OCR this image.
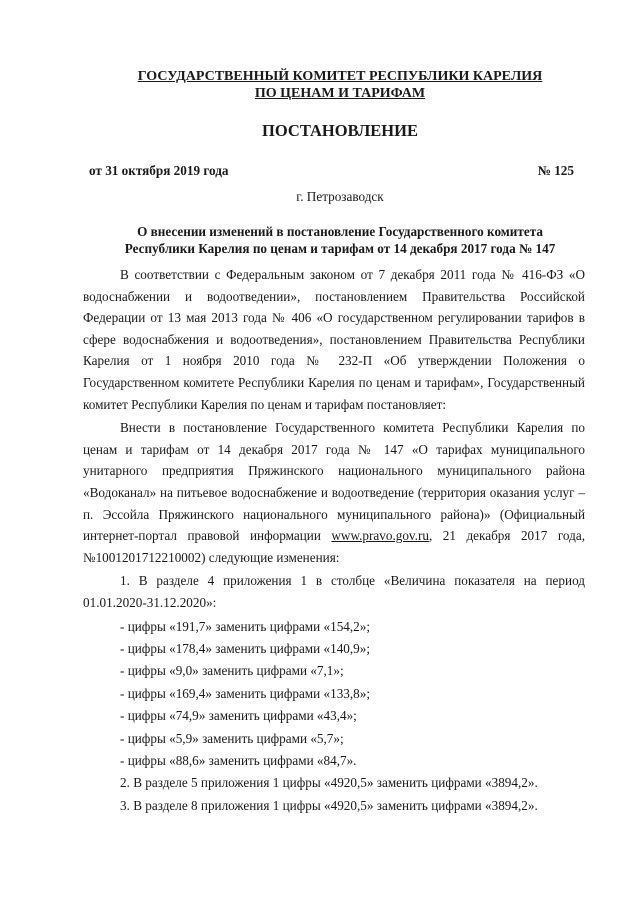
ГОСУДАРСТВЕННЫЙ КОМИТЕТ РЕСПУБЛИКИ КАРЕЛИЯ
ПО ЦЕНАМ И ТАРИФАМ
ПОСТАНОВЛЕНИЕ
от 31 октября 2019 года	№ 125
г. Петрозаводск
О внесении изменений в постановление Государственного комитета
Республики Карелия по ценам и тарифам от 14 декабря 2017 года № 147

В соответствии с Федеральным законом от 7 декабря 2011 года № 416-ФЗ «О водоснабжении и водоотведении», постановлением Правительства Российской Федерации от 13 мая 2013 года № 406 «О государственном регулировании тарифов в сфере водоснабжения и водоотведения», постановлением Правительства Республики Карелия от 1 ноября 2010 года № 232-П «Об утверждении Положения о Государственном комитете Республики Карелия по ценам и тарифам», Государственный комитет Республики Карелия по ценам и тарифам постановляет:

Внести в постановление Государственного комитета Республики Карелия по ценам и тарифам от 14 декабря 2017 года № 147 «О тарифах муниципального унитарного предприятия Пряжинского национального муниципального района «Водоканал» на питьевое водоснабжение и водоотведение (территория оказания услуг – п. Эссойла Пряжинского национального муниципального района)» (Официальный интернет-портал правовой информации www.pravo.gov.ru, 21 декабря 2017 года, №1001201712210002) следующие изменения:

1. В разделе 4 приложения 1 в столбце «Величина показателя на период 01.01.2020-31.12.2020»:

- цифры «191,7» заменить цифрами «154,2»;

- цифры «178,4» заменить цифрами «140,9»;

- цифры «9,0» заменить цифрами «7,1»;

- цифры «169,4» заменить цифрами «133,8»;

- цифры «74,9» заменить цифрами «43,4»;

- цифры «5,9» заменить цифрами «5,7»;

- цифры «88,6» заменить цифрами «84,7».

2. В разделе 5 приложения 1 цифры «4920,5» заменить цифрами «3894,2».

3. В разделе 8 приложения 1 цифры «4920,5» заменить цифрами «3894,2».
